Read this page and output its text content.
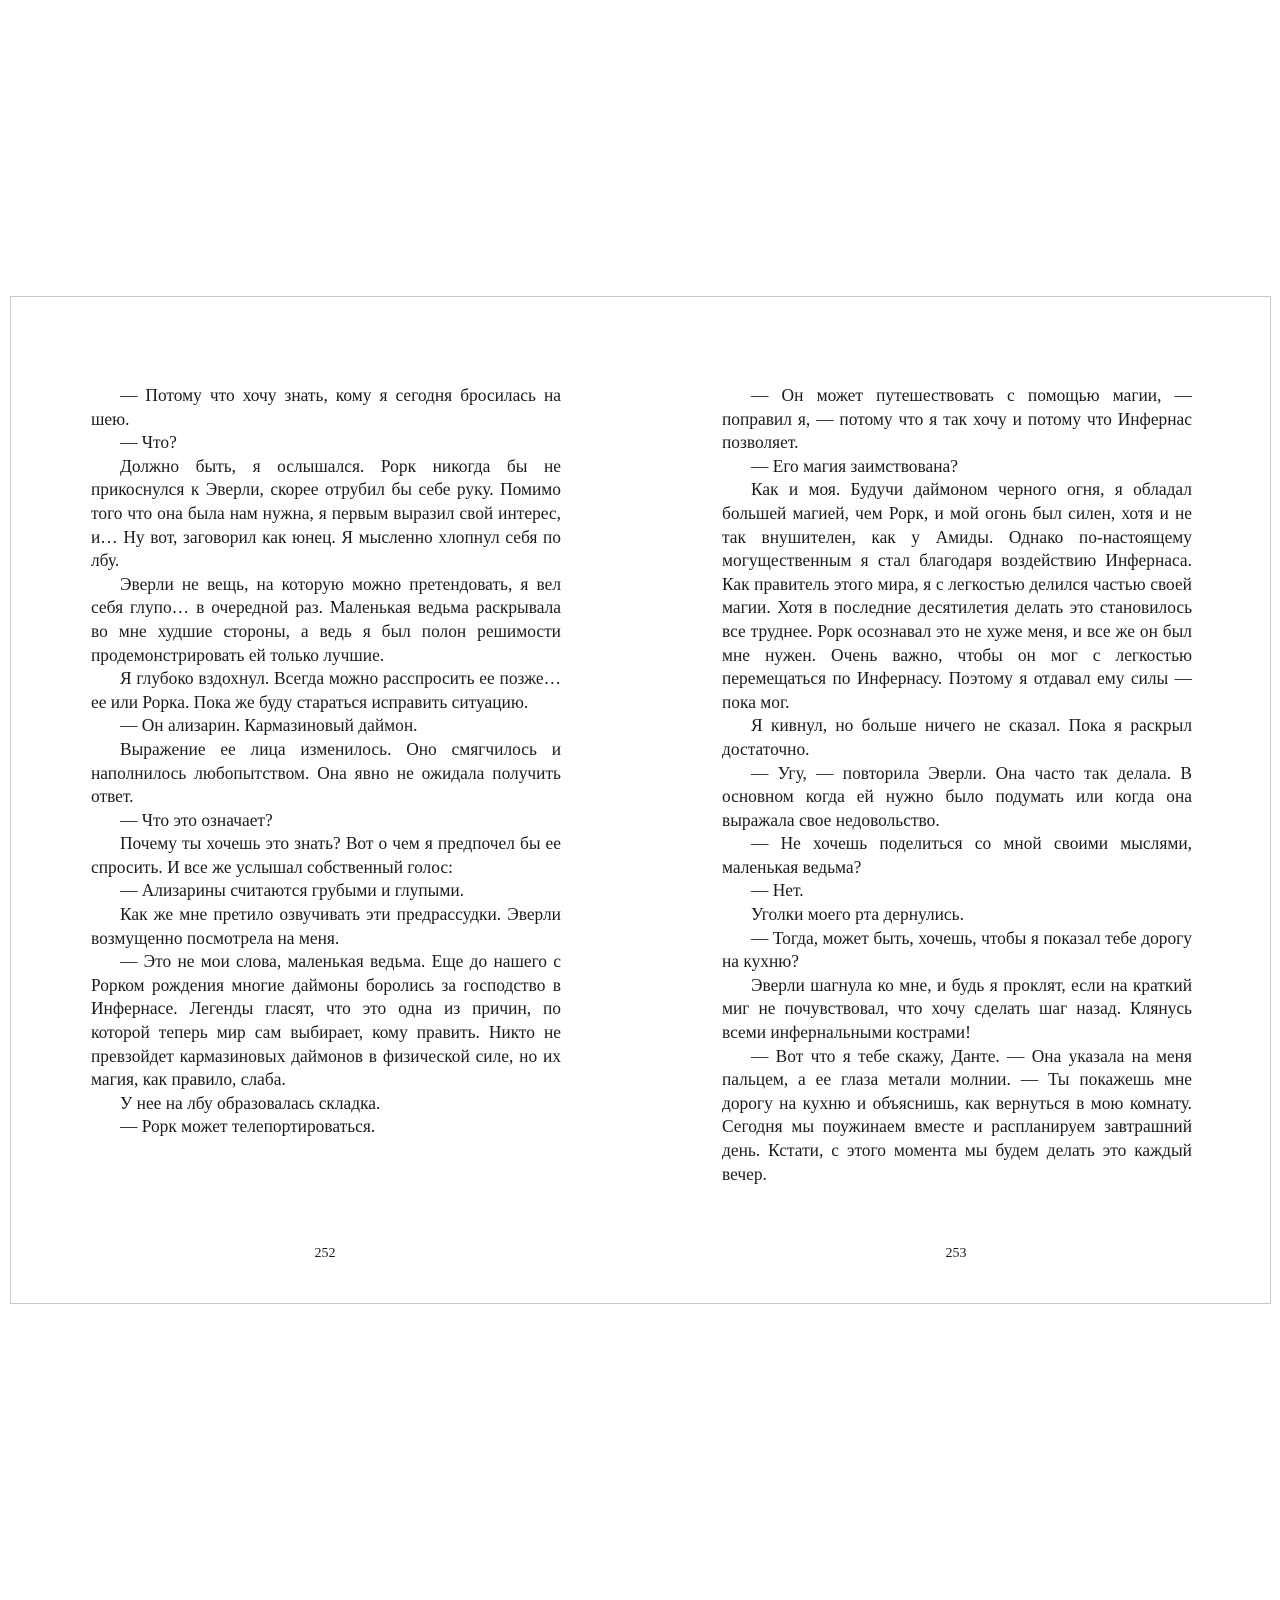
— Потому что хочу знать, кому я сегодня бросилась на шею.

— Что?

Должно быть, я ослышался. Рорк никогда бы не прикоснулся к Эверли, скорее отрубил бы себе руку. Помимо того что она была нам нужна, я первым выразил свой интерес, и… Ну вот, заговорил как юнец. Я мысленно хлопнул себя по лбу.

Эверли не вещь, на которую можно претендовать, я вел себя глупо… в очередной раз. Маленькая ведьма раскрывала во мне худшие стороны, а ведь я был полон решимости продемонстрировать ей только лучшие.

Я глубоко вздохнул. Всегда можно расспросить ее позже… ее или Рорка. Пока же буду стараться исправить ситуацию.

— Он ализарин. Кармазиновый даймон.

Выражение ее лица изменилось. Оно смягчилось и наполнилось любопытством. Она явно не ожидала получить ответ.

— Что это означает?

Почему ты хочешь это знать? Вот о чем я предпочел бы ее спросить. И все же услышал собственный голос:

— Ализарины считаются грубыми и глупыми.

Как же мне претило озвучивать эти предрассудки. Эверли возмущенно посмотрела на меня.

— Это не мои слова, маленькая ведьма. Еще до нашего с Рорком рождения многие даймоны боролись за господство в Инфернасе. Легенды гласят, что это одна из причин, по которой теперь мир сам выбирает, кому править. Никто не превзойдет кармазиновых даймонов в физической силе, но их магия, как правило, слаба.

У нее на лбу образовалась складка.

— Рорк может телепортироваться.

— Он может путешествовать с помощью магии, — поправил я, — потому что я так хочу и потому что Инфернас позволяет.

— Его магия заимствована?

Как и моя. Будучи даймоном черного огня, я обладал большей магией, чем Рорк, и мой огонь был силен, хотя и не так внушителен, как у Амиды. Однако по-настоящему могущественным я стал благодаря воздействию Инфернаса. Как правитель этого мира, я с легкостью делился частью своей магии. Хотя в последние десятилетия делать это становилось все труднее. Рорк осознавал это не хуже меня, и все же он был мне нужен. Очень важно, чтобы он мог с легкостью перемещаться по Инфернасу. Поэтому я отдавал ему силы — пока мог.

Я кивнул, но больше ничего не сказал. Пока я раскрыл достаточно.

— Угу, — повторила Эверли. Она часто так делала. В основном когда ей нужно было подумать или когда она выражала свое недовольство.

— Не хочешь поделиться со мной своими мыслями, маленькая ведьма?

— Нет.

Уголки моего рта дернулись.

— Тогда, может быть, хочешь, чтобы я показал тебе дорогу на кухню?

Эверли шагнула ко мне, и будь я проклят, если на краткий миг не почувствовал, что хочу сделать шаг назад. Клянусь всеми инфернальными кострами!

— Вот что я тебе скажу, Данте. — Она указала на меня пальцем, а ее глаза метали молнии. — Ты покажешь мне дорогу на кухню и объяснишь, как вернуться в мою комнату. Сегодня мы поужинаем вместе и распланируем завтрашний день. Кстати, с этого момента мы будем делать это каждый вечер.

252	253
